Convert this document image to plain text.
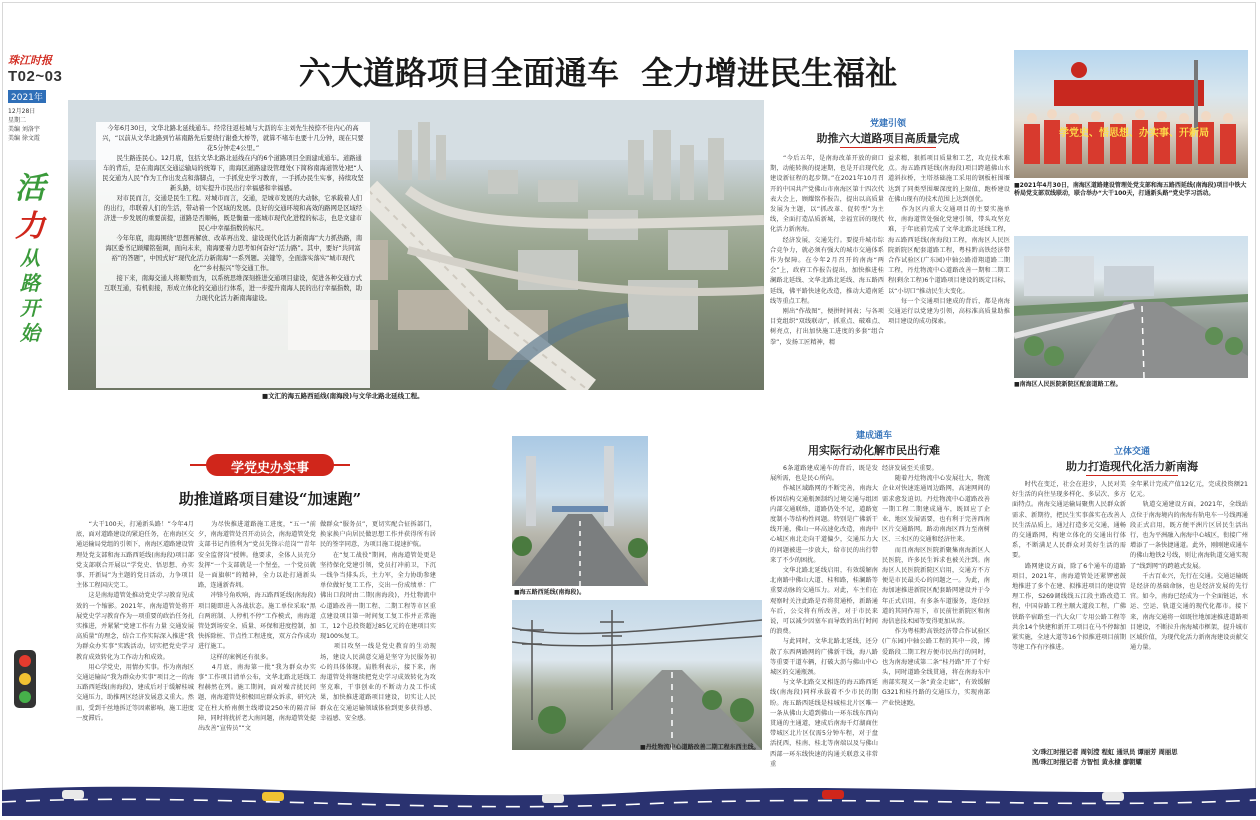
珠江时报
T02~03
2021年
12月28日
星期二
美编 刘洛宇
美编 徐文霞
活
力
从
路
开
始
六大道路项目全面通车  全力增进民生福祉
今年6月30日，文华北路北延线通车。经常往返桂城与大沥的车主刘先生按捺不住内心的高兴，“以前从文华北路到竹基南路先后要绕行谢叠大桥等，就算不堵车也要十几分钟，现在只要花5分钟走4公里。”
　　民生路连民心。12月底，包括文华北路北延线在内的6个道路项目全面建成通车。道路通车的背后，是在南海区交通运输局的统筹下，南海区道路建设管理处(下简称南海道管处)把“人民交通为人民”作为工作出发点和落脚点，一手抓党史学习教育，一手抓办民生实事，持续攻坚新头路，切实提升市民出行幸福感和幸福感。
　　对市民而言，交通是民生工程。对城市而言，交通，是城市发展的大动脉，它承载着人们的出行，串联着人们的生活，带动着一个区域的发展。良好的交通环境和高效的路网是区域经济进一步发展的重要前提，道路是否顺畅，既是衡量一座城市现代化进程的标志，也是文建市民心中幸福指数的标尺。
　　今年年底，南海围绕“思想再解放、改革再出发、建设现代化活力新南海”大力抓热路，南海区委书记顾耀铭强调，面向未来，南海要着力思考如何奋好“活力路”。其中，要好“共同富裕”的答题”，中国式好“现代化活力新南海”一系列题。关键等，全面落实落实“城市现代化”“乡村振兴”等交通工作。
　　接下来，南海交通人将顺势而为，以系统思维深刻推进交通项目建设，促进各种交通方式互联互通，有机衔接，形成立体化的交通出行体系，进一步提升南海人民的出行幸福指数，助力现代化活力新南海建设。
■文汇的海五路西延线(南海段)与文华北路北延线工程。
党建引领
助推六大道路项目高质量完成
　　“今后五年，是南海改革开放的窗口期，动能转换的提速期，也是开启现代化建设新征程的起步期。”在2021年10月召开的中国共产党佛山市南海区第十四次代表大会上，顾耀铭作报告，提出以高质量发展为主题，以“抓改革、促转型”为主线，全面打造品质新城，幸福宜居的现代化活力新南海。
　　经济发展，交通先行。要提升城市综合竞争力，就必须有强大的城市交通体系作为保障。在今年2月召开的南海“两会”上，政府工作报告提出，加快推进桂澜路北延线、文华北路北延线、海五路西延线，佛平路快速化改造，推动大道南延线等重点工程。
　　刚出“作战图”，便拼时间表；与各项目党组织“双线联动”，抓重点、破难点、树亮点，打出加快施工进度的多套“组合拳”，发扬工匠精神，精
益求精，狠抓项目质量和工艺，攻克技术难点。海五路西延线(南海段)项目跨越佛山水道斜拉桥，主塔基础施工采用的钢板桩围堰达到了同类型围堰深度的上限值，跑桥建设在佛山现有的技术范围上达到创优。
　　作为区内重大交通项目的主要实施单位，南海道管处强化党建引领，带头攻坚克难，于年底前完成了文华北路北延线工程，海五路西延线(南海段)工程，南海区人民医院新院区配套道路工程，粤桂黔高铁经济带合作试验区(广东园)中轴公路滑翔道路二期工程，丹灶物流中心道路改善一期和二期工程(剩余工程)6个道路项目建设的既定目标，以“小切口”推动民生大变化。
　　每一个交通项目建成的背后，都是南海交通运行以党建为引领，高标准高质量助推项目建设的成功探索。
学党史、悟思想、办实事、开新局
■2021年4月30日，南海区道路建设管理处党支部和海五路西延线(南海段)项目中铁大桥局党支部双线联动，联合举办“大干100天，打通新头路”党史学习活动。
■南海区人民医院新院区配套道路工程。
学党史办实事
助推道路项目建设“加速跑”
　　“大干100天，打通新头路！”今年4月底，面对道路建设的紧迫任务，在南海区交通运输局党组的引领下，南海区道路建设管理处党支部和海五路西延线(南海段)项目部党支部联合开展以“学党史、悟思想、办实事、开新局”为主题的党日活动，力争项目主体工程国庆完工。
　　这是南海道管处推动党史学习教育见成效的一个缩影。2021年，南海道管处将开展党史学习教育作为一项重要的政治任务扎实推进，并紧紧“党建工作有力量 交通发展高质量”的理念，结合工作实际深入推进“我为群众办实事”实践活动，切实把党史学习教育成效转化为工作动力和成效。
　　用心学党史，用情办实事。作为南海区交通运输局“我为群众办实事”项目之一的海五路西延线(南海段)，建成后对于缓解桂城交通压力，助推两区经济发展意义重大。然而，受到千丝地拆迁等因素影响，施工进度一度滞后。
　　为尽快推进道路施工进度，“五一”前夕，南海道管处召开动员会，南海道管处党支部书记肖胜利为“党员先锋示范岗”“青年安全监督岗”授牌。他要求，全体人员充分发挥“一个支部就是一个堡垒，一个党员就是一面旗帜”的精神，全力以赴打通新头路，连通新杏圳。
　　冲锋号角吹响，海五路西延线(南海段)项目随即进入各战状态。施工单位采取“黑白两班制、人停机不停”工作模式，南海道管处到场安全、质量、环保和进度控制，加快拆除桩、节点性工程进度，双方合作成功进行施工。
　　这样的案例还有很多。
　　4月底，南海第一批“我为群众办实事”工作项目清单公布，文华北路北延线工程赫然在列。施工期间，面对噪音扰民问题，南海道管处积极回应群众诉求，研究决定在柱大桥南侧主线增设250米的隔音屏障，同时将扰折老大南问题，南海道管处提出改善“宣传员”“文
做群众“服务员”，更切实配合征拆部门，换家换户向居民做思想工作并获得所有居民的签字同意，为项目施工提速护航。
　　在“复工战役”期间，南海道管处更是坚持保化党建引领，党员打冲前卫，下沉一线争当排头兵，主力军，全力协助参建单位做好复工工作，交出一份成绩单：广佛出口段时由二期(南海段)，丹灶物流中心道路改善一期工程、二期工程等市区重点建设项目第一时间复工复工作并正常施工，12个总投资超过85亿元的在建项目实现100%复工。
　　项目攻坚一线是党史教育的生动现场，建设人民满意交通是坚守为民服务初心的具体体现。肩胜利表示，接下来，南海道管处将继续把党史学习成效转化为攻坚克难，干事创业的不断动力及工作成果，加快推进道路项目建设，切实让人民群众在交通运输领域体验到更多获得感、幸福感、安全感。
■海五路西延线(南海段)。
■丹灶物流中心道路改善二期工程东西主线。
建成通车
用实际行动化解市民出行难
　　6条道路建成通车的背后，既是发展所需，也是民心所向。
　　作城区域路网的不断完善，南海大桥因结构交通瓶颈制约过境交通与组团内部交通联络，道路仍处不足，道路宽度制小等结构性问题。特别是广佛新干线开通，佛山一环高速化改造，南海中心城区南北走向干道偏少，交通压力大的问题被进一步放大，给市民的出行带来了不少的困扰。
　　文华北路北延线启用，有效缓解南北南路中佛山大道、桂和路，桂澜路等重要动脉的交通压力。对此，车主们在观察时关注此路是否将贯通桥，新路通车后，公交将有所改善，对于市民来说，可以减少因塞车而导致的出行时间的浪费。
　　与此同时，文华北路北延线，还分散了东西两路网的广佛新干线，海八路等重要干道车辆，打破大沥与佛山中心城区的交通瓶颈。
　　与文华北路交叉相连的海五路西延线(南海段)同样承载着不少市民的期盼。海五路西延线是桂城桂北片区唯一一条从佛山大道到佛山一环东线东西向贯通的主通道，建成后南海千灯湖商住带城区北片区仅需5分钟车程，对于盘活抚西，桂南、桂北等南端以及与佛山西部一环东线快速的沟通关联意义非常重
经济发展至关重要。
　　随着丹灶物流中心发展壮大，物流企业对快速连通周边路网，高速网间的需求愈发迫切。丹灶物流中心道路改善一期工程二期建成通车，既回应了企业、地区发展需要，也有利于完善西南区片交通路网。路动南海区西力至南树区、三水区的交通和经济往来。
　　而且南海区医院新聚集南海新区人民医院，许多民生诉求也被关注到。南海区人民医院新院区启用，交通方不方便是市民最关心的问题之一。为此，南海加速推进新院区配套路网建设并于今年正式启用，有多条车道服务，连位匝道的其同作用下，市民前往新院区和南海信息技术园等变得更加从容。
　　作为粤桂黔高铁经济带合作试验区(广东园)中轴公路工程的其中一段，博爱路段二期工程方便市民出行的同时，也为南海建成第二条“桂丹路”开了个好头，同时道路全线贯通，将在南海东中南部实现又一条“黄金走廊”，有效缓解G321和桂丹路的交通压力，实现南部产业快速跑。
立体交通
助力打造现代化活力新南海
　　时代在变迁，社会在进步，人民对美好生活的向往呈现多样化、多层次、多方面特点。南海交通运输局聚焦人民群众新需求、新期待，把民生实事落实在改善人民生活品质上，通过打造多元交通，通畅的交通路网，构建立体化的交通出行体系，不断满足人民群众对美好生活的需要。
　　路网建设方面，除了6个通车的道路项目，2021年，南海道管处还紧锣密鼓地推进了多个在建、拟推进项目的建设管理工作，S269调线线五江段主路改造工程，中国谷路工程主顺大道段工程，广佛铁路辛宿路至一汽大众厂专用公路工程等共余14个快建和新开工项目在马不停蹄加紧实施，全速大道等16个拟推进项目前期等建工作有序推进。
全年累计完成产值12亿元，完成投资额21亿元。
　　轨道交通建设方面，2021年，全线站点位于南海境内的南海有轨电车一号线再通段正式启用，既方便平洲片区居民生活出行，也为平洲融入南海中心城区，衔接广州增添了一条快捷通道。此外，刚刚建成通车的佛山地铁2号线，则让南海轨道交通实现了“线到网”的跨越式发展。
　　千古百业兴，先行在交通。交通运输既是经济的基础命脉，也是经济发展的先行官。如今，南海已经成为一个全面链运，水运、空运、轨道交通的现代化都市。接下来，南海交通将一如既往地加速推进道路项目建设，不断拉升南海城市框架，提升城市区域价值，为现代化活力新南海建设贡献交通力量。
文/珠江时报记者 周钊滢 程虹 通讯员 谭丽芳 周丽思
图/珠江时报记者 方智恒 黄永棣 廖朝耀
